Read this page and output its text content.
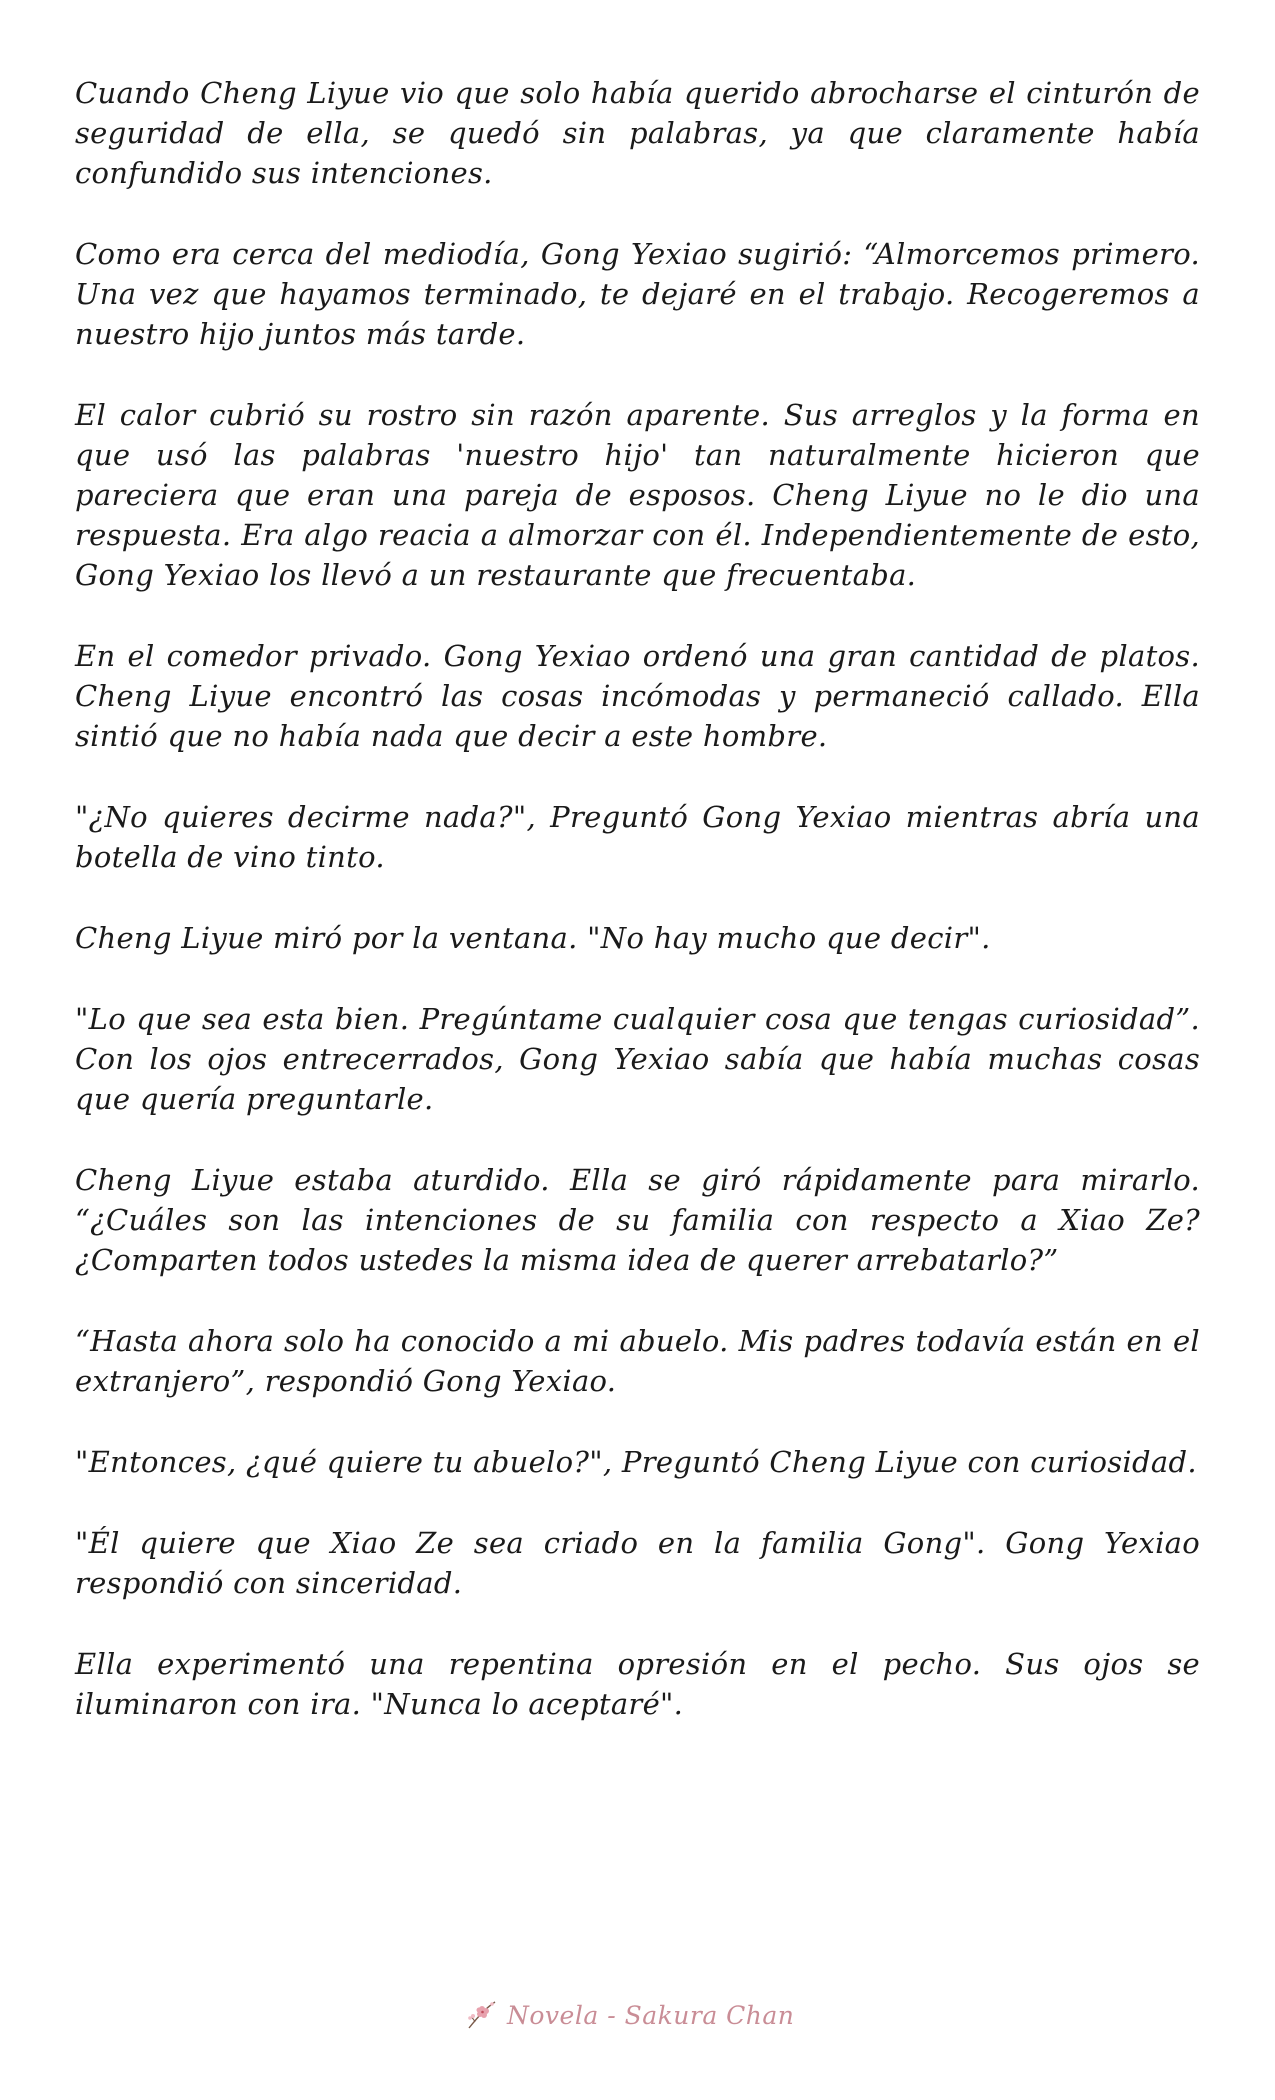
Cuando Cheng Liyue vio que solo había querido abrocharse el cinturón de seguridad de ella, se quedó sin palabras, ya que claramente había confundido sus intenciones.

Como era cerca del mediodía, Gong Yexiao sugirió: “Almorcemos primero. Una vez que hayamos terminado, te dejaré en el trabajo. Recogeremos a nuestro hijo juntos más tarde.

El calor cubrió su rostro sin razón aparente. Sus arreglos y la forma en que usó las palabras 'nuestro hijo' tan naturalmente hicieron que pareciera que eran una pareja de esposos. Cheng Liyue no le dio una respuesta. Era algo reacia a almorzar con él. Independientemente de esto, Gong Yexiao los llevó a un restaurante que frecuentaba.

En el comedor privado. Gong Yexiao ordenó una gran cantidad de platos. Cheng Liyue encontró las cosas incómodas y permaneció callado. Ella sintió que no había nada que decir a este hombre.

"¿No quieres decirme nada?", Preguntó Gong Yexiao mientras abría una botella de vino tinto.

Cheng Liyue miró por la ventana. "No hay mucho que decir".

"Lo que sea esta bien. Pregúntame cualquier cosa que tengas curiosidad”. Con los ojos entrecerrados, Gong Yexiao sabía que había muchas cosas que quería preguntarle.

Cheng Liyue estaba aturdido. Ella se giró rápidamente para mirarlo. “¿Cuáles son las intenciones de su familia con respecto a Xiao Ze? ¿Comparten todos ustedes la misma idea de querer arrebatarlo?”

“Hasta ahora solo ha conocido a mi abuelo. Mis padres todavía están en el extranjero”, respondió Gong Yexiao.

"Entonces, ¿qué quiere tu abuelo?", Preguntó Cheng Liyue con curiosidad.

"Él quiere que Xiao Ze sea criado en la familia Gong". Gong Yexiao respondió con sinceridad.

Ella experimentó una repentina opresión en el pecho. Sus ojos se iluminaron con ira. "Nunca lo aceptaré".

Novela - Sakura Chan
